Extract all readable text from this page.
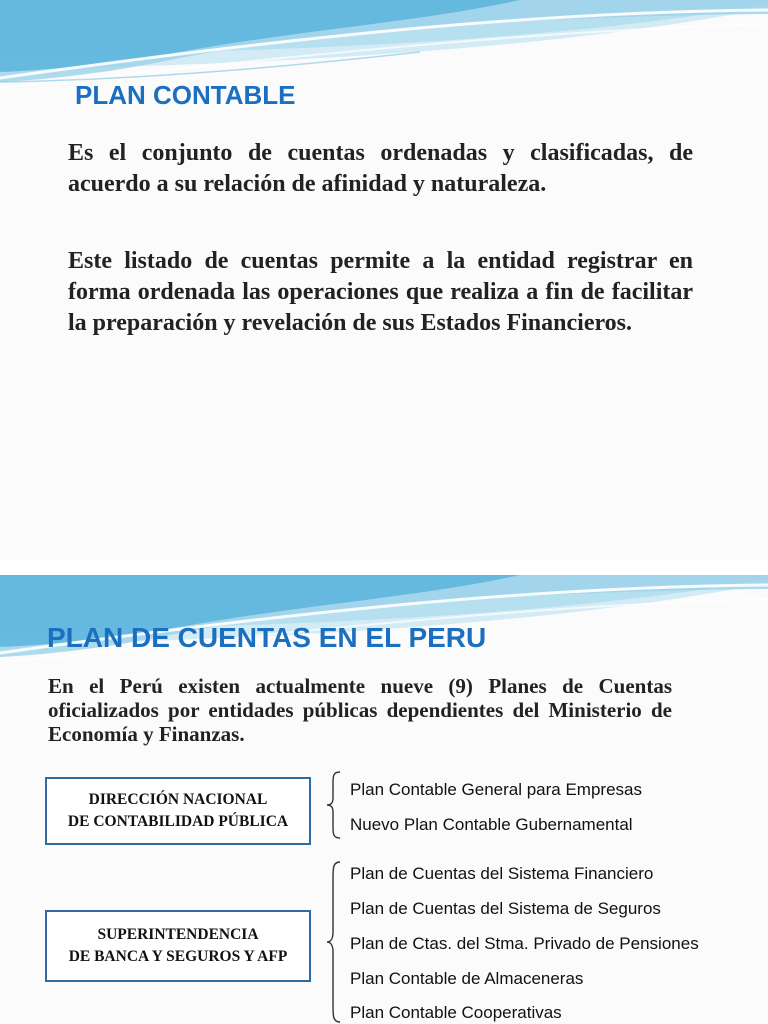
PLAN CONTABLE

Es el conjunto de cuentas ordenadas y clasificadas, de acuerdo a su relación de afinidad y naturaleza.

Este listado de cuentas permite a la entidad registrar en forma ordenada las operaciones que realiza a fin de facilitar la preparación y revelación de sus Estados Financieros.

PLAN DE CUENTAS EN EL PERU

En el Perú existen actualmente nueve (9) Planes de Cuentas oficializados por entidades públicas dependientes del Ministerio de Economía y Finanzas.

DIRECCIÓN NACIONAL
DE CONTABILIDAD PÚBLICA

Plan Contable General para Empresas

Nuevo Plan Contable Gubernamental

SUPERINTENDENCIA
DE BANCA Y SEGUROS Y AFP

Plan de Cuentas del Sistema Financiero

Plan de Cuentas del Sistema de Seguros

Plan de Ctas. del Stma. Privado de Pensiones

Plan Contable de Almaceneras

Plan Contable Cooperativas
